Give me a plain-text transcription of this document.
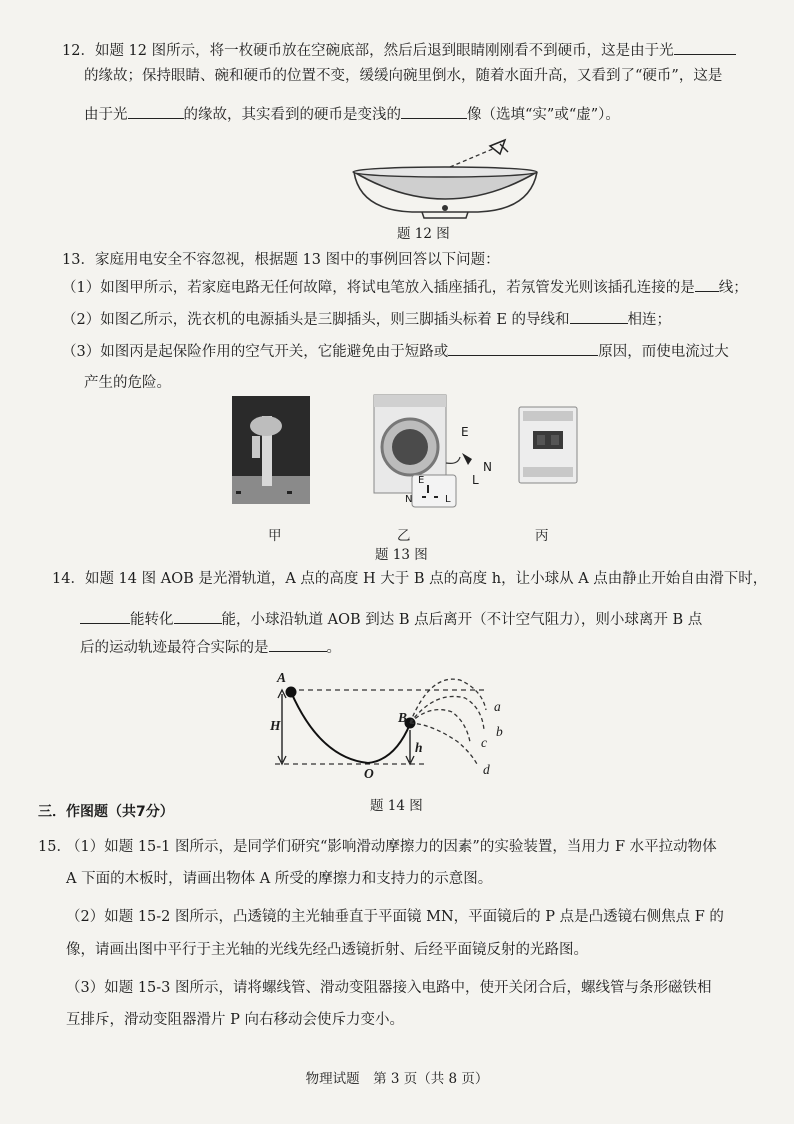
12．如题 12 图所示，将一枚硬币放在空碗底部，然后后退到眼睛刚刚看不到硬币，这是由于光
的缘故；保持眼睛、碗和硬币的位置不变，缓缓向碗里倒水，随着水面升高，又看到了“硬币”，这是
由于光	的缘故，其实看到的硬币是变浅的	像（选填“实”或“虚”）。
题 12 图
13．家庭用电安全不容忽视，根据题 13 图中的事例回答以下问题：
（1）如图甲所示，若家庭电路无任何故障，将试电笔放入插座插孔，若氖管发光则该插孔连接的是 线；
（2）如图乙所示，洗衣机的电源插头是三脚插头，则三脚插头标着 E 的导线和	相连；
（3）如图丙是起保险作用的空气开关，它能避免由于短路或	原因，而使电流过大
产生的危险。
E
N
L
E
N	L
甲	乙	丙
题 13 图
14．如题 14 图 AOB 是光滑轨道，A 点的高度 H 大于 B 点的高度 h，让小球从 A 点由静止开始自由滑下时，
能转化	能，小球沿轨道 AOB 到达 B 点后离开（不计空气阻力），则小球离开 B 点
后的运动轨迹最符合实际的是	。
A
H
B
h
O
a
b
c
d
三．作图题（共7分）	题 14 图
15．
（1）如题 15-1 图所示，是同学们研究“影响滑动摩擦力的因素”的实验装置，当用力 F 水平拉动物体
A 下面的木板时，请画出物体 A 所受的摩擦力和支持力的示意图。
（2）如题 15-2 图所示，凸透镜的主光轴垂直于平面镜 MN，平面镜后的 P 点是凸透镜右侧焦点 F 的
像，请画出图中平行于主光轴的光线先经凸透镜折射、后经平面镜反射的光路图。
（3）如题 15-3 图所示，请将螺线管、滑动变阻器接入电路中，使开关闭合后，螺线管与条形磁铁相
互排斥，滑动变阻器滑片 P 向右移动会使斥力变小。
物理试题　第 3 页（共 8 页）
